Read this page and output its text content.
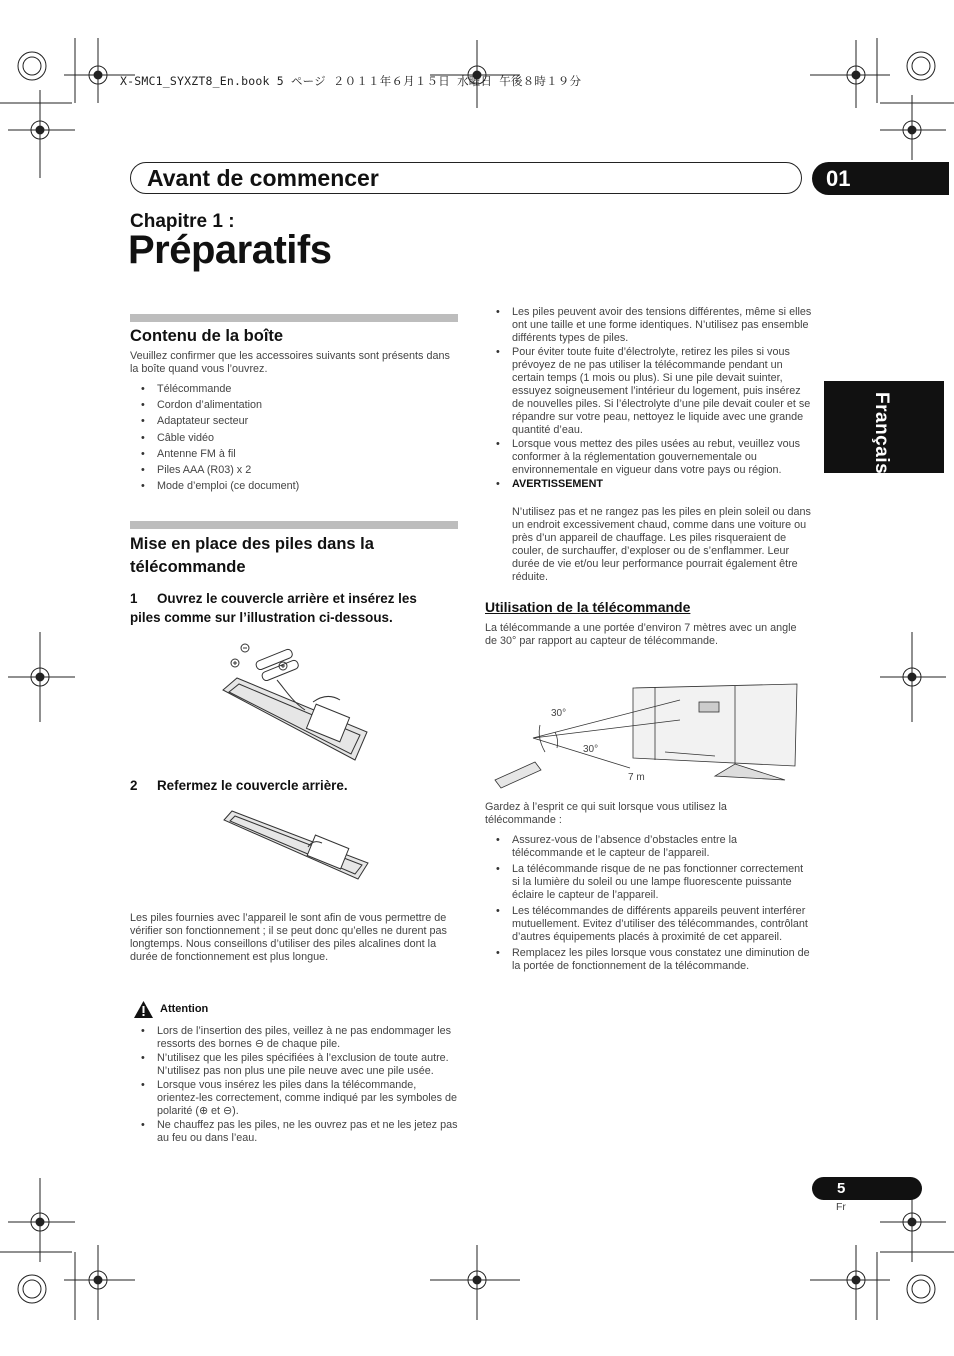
X-SMC1_SYXZT8_En.book 5 ページ ２０１１年６月１５日 水曜日 午後８時１９分
Avant de commencer	01
Chapitre 1 :
Préparatifs
Français
Contenu de la boîte

Veuillez confirmer que les accessoires suivants sont présents dans la boîte quand vous l’ouvrez.

• Télécommande
• Cordon d’alimentation
• Adaptateur secteur
• Câble vidéo
• Antenne FM à fil
• Piles AAA (R03) x 2
• Mode d’emploi (ce document)
Mise en place des piles dans la télécommande
1	Ouvrez le couvercle arrière et insérez les piles comme sur l’illustration ci-dessous.

2 Refermez le couvercle arrière.

Les piles fournies avec l’appareil le sont afin de vous permettre de vérifier son fonctionnement ; il se peut donc qu’elles ne durent pas longtemps. Nous conseillons d’utiliser des piles alcalines dont la durée de fonctionnement est plus longue.

Attention
• Lors de l’insertion des piles, veillez à ne pas endommager les ressorts des bornes ⊖ de chaque pile.
• N’utilisez que les piles spécifiées à l’exclusion de toute autre. N’utilisez pas non plus une pile neuve avec une pile usée.
• Lorsque vous insérez les piles dans la télécommande, orientez-les correctement, comme indiqué par les symboles de polarité (⊕ et ⊖).
• Ne chauffez pas les piles, ne les ouvrez pas et ne les jetez pas au feu ou dans l’eau.
• Les piles peuvent avoir des tensions différentes, même si elles ont une taille et une forme identiques. N’utilisez pas ensemble différents types de piles.
• Pour éviter toute fuite d’électrolyte, retirez les piles si vous prévoyez de ne pas utiliser la télécommande pendant un certain temps (1 mois ou plus). Si une pile devait suinter, essuyez soigneusement l’intérieur du logement, puis insérez de nouvelles piles. Si l’électrolyte d’une pile devait couler et se répandre sur votre peau, nettoyez le liquide avec une grande quantité d’eau.
• Lorsque vous mettez des piles usées au rebut, veuillez vous conformer à la réglementation gouvernementale ou environnementale en vigueur dans votre pays ou région.
• AVERTISSEMENT

N’utilisez pas et ne rangez pas les piles en plein soleil ou dans un endroit excessivement chaud, comme dans une voiture ou près d’un appareil de chauffage. Les piles risqueraient de couler, de surchauffer, d’exploser ou de s’enflammer. Leur durée de vie et/ou leur performance pourrait également être réduite.

Utilisation de la télécommande

La télécommande a une portée d’environ 7 mètres avec un angle de 30° par rapport au capteur de télécommande.

30°
30°
7 m

Gardez à l’esprit ce qui suit lorsque vous utilisez la télécommande :

• Assurez-vous de l’absence d’obstacles entre la télécommande et le capteur de l’appareil.
• La télécommande risque de ne pas fonctionner correctement si la lumière du soleil ou une lampe fluorescente puissante éclaire le capteur de l’appareil.
• Les télécommandes de différents appareils peuvent interférer mutuellement. Evitez d’utiliser des télécommandes, contrôlant d’autres équipements placés à proximité de cet appareil.
• Remplacez les piles lorsque vous constatez une diminution de la portée de fonctionnement de la télécommande.
5
Fr
